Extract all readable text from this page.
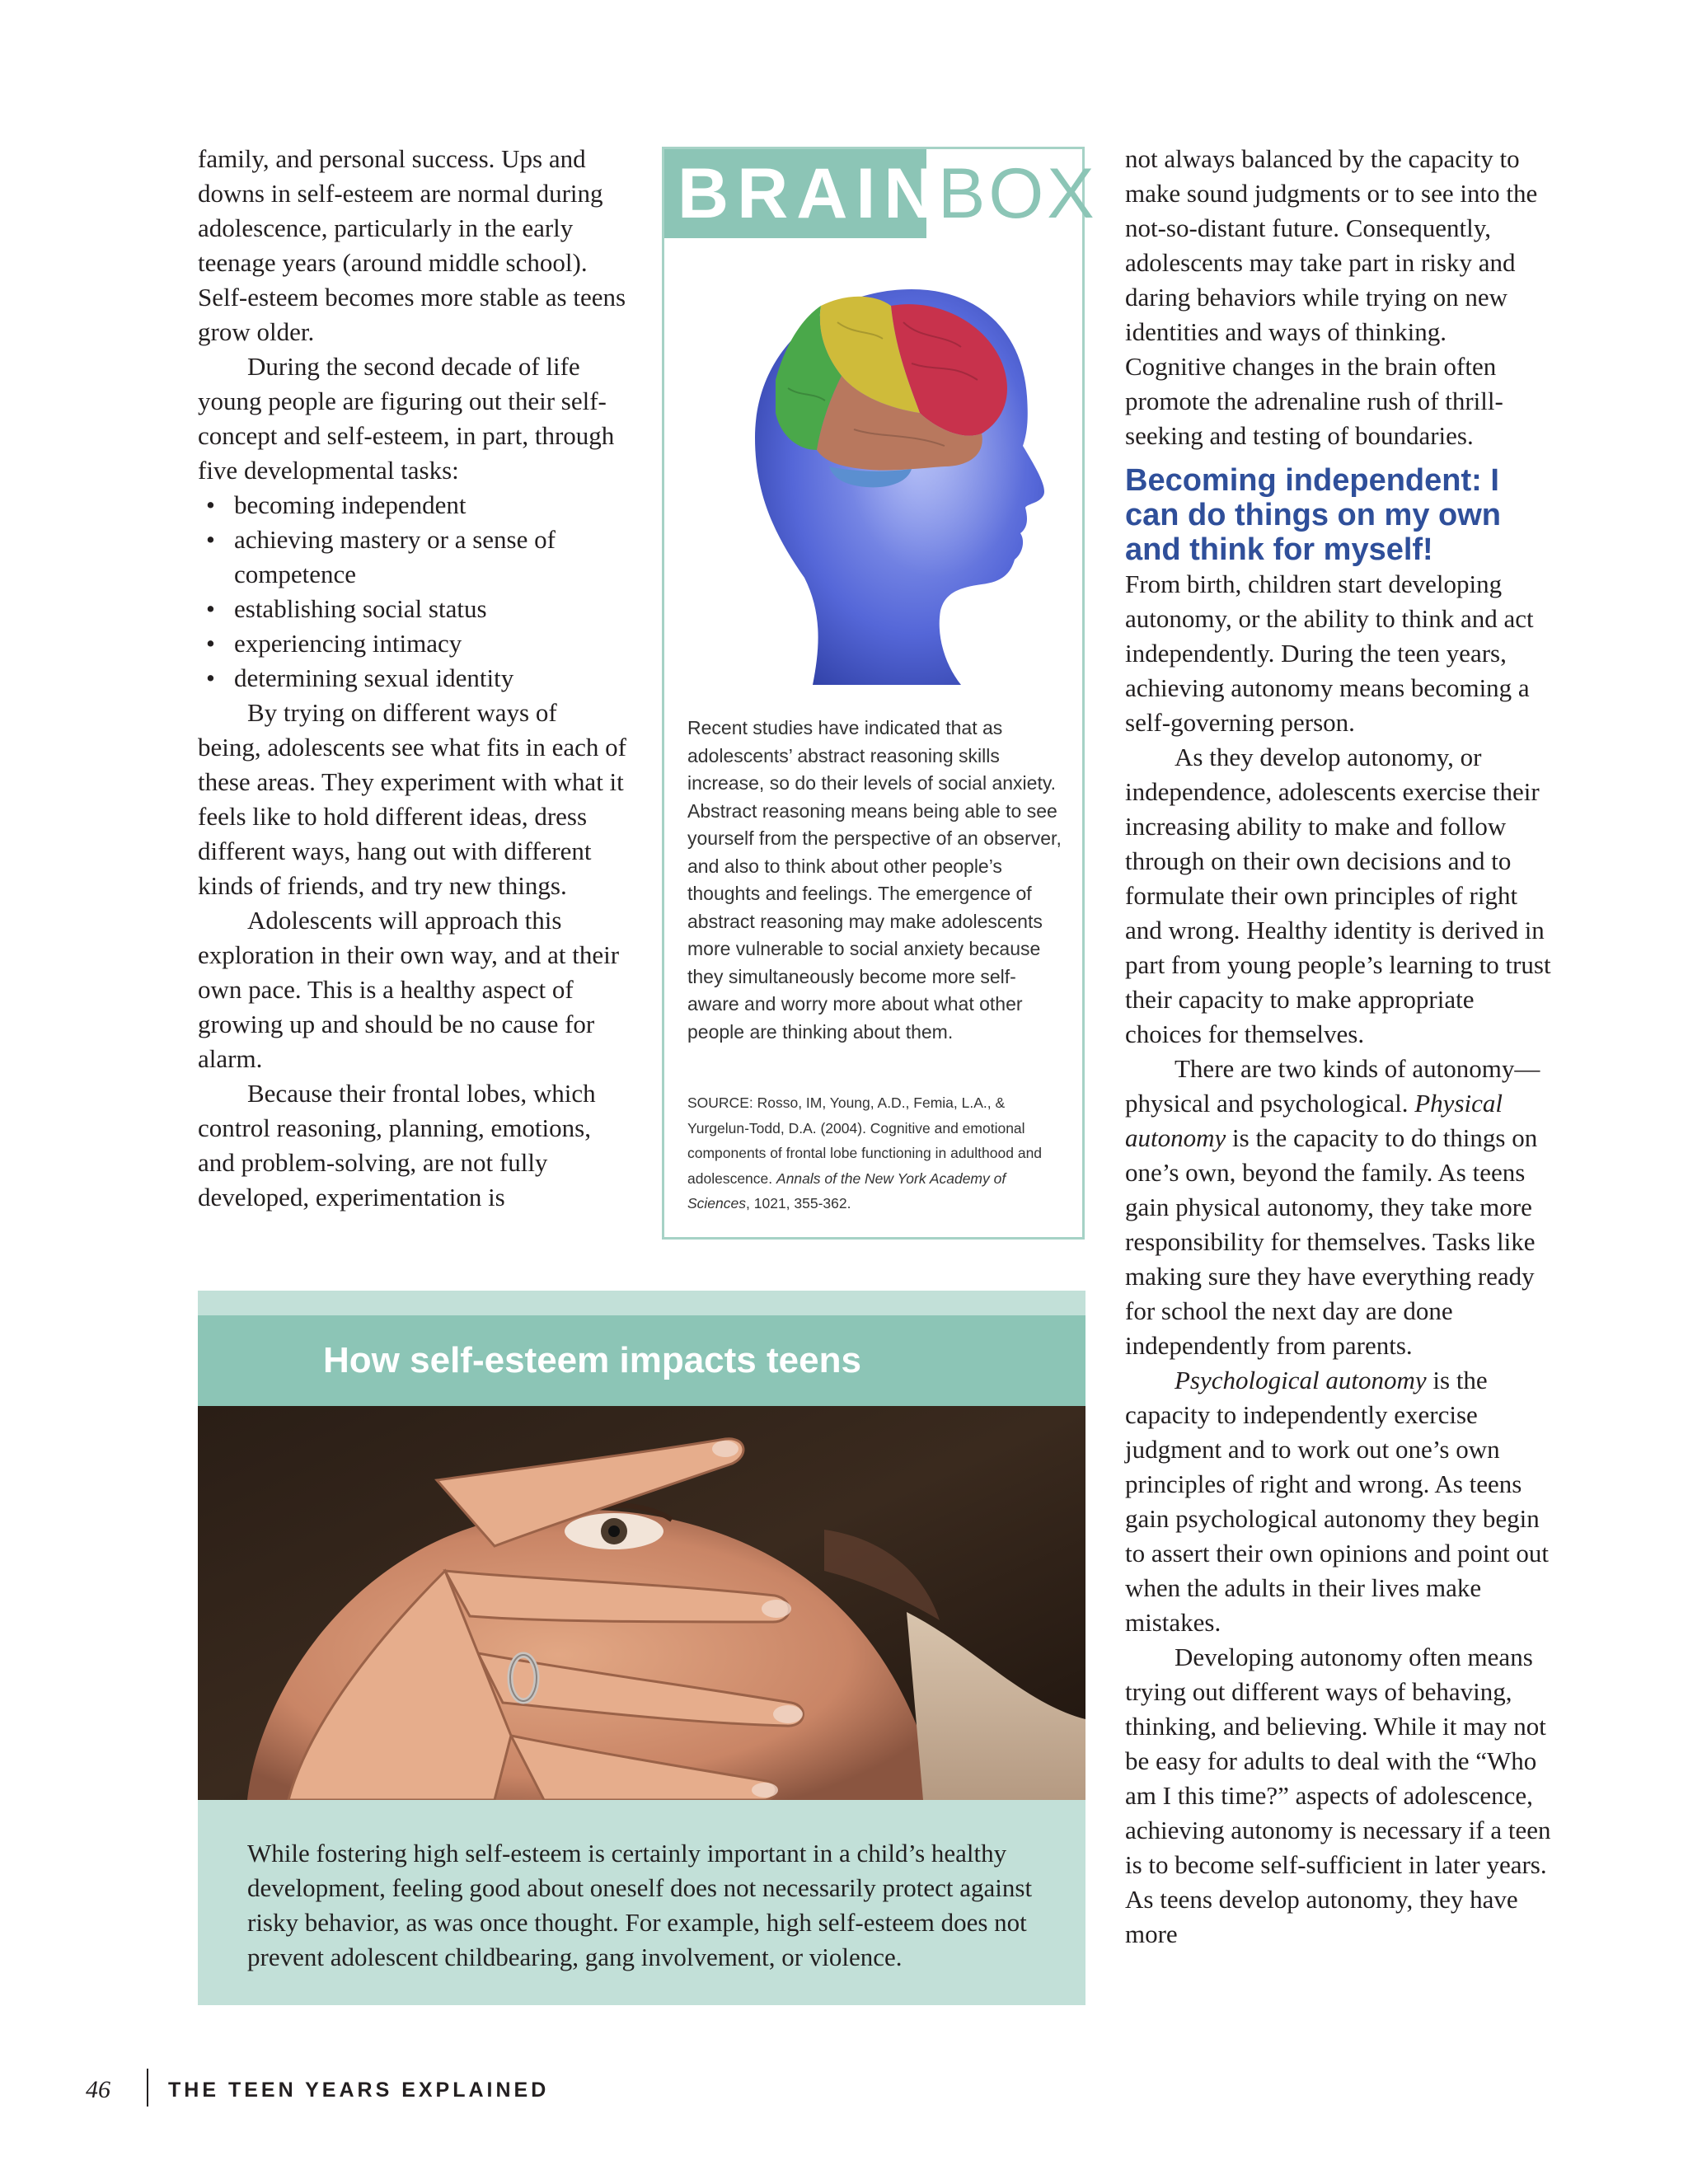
family, and personal success. Ups and downs in self-esteem are normal during adolescence, particularly in the early teenage years (around middle school). Self-esteem becomes more stable as teens grow older.

During the second decade of life young people are figuring out their self-concept and self-esteem, in part, through five developmental tasks:

• becoming independent
• achieving mastery or a sense of competence
• establishing social status
• experiencing intimacy
• determining sexual identity

By trying on different ways of being, adolescents see what fits in each of these areas. They experiment with what it feels like to hold different ideas, dress different ways, hang out with different kinds of friends, and try new things.

Adolescents will approach this exploration in their own way, and at their own pace. This is a healthy aspect of growing up and should be no cause for alarm.

Because their frontal lobes, which control reasoning, planning, emotions, and problem-solving, are not fully developed, experimentation is

BRAIN
BOX

Recent studies have indicated that as adolescents’ abstract reasoning skills increase, so do their levels of social anxiety. Abstract reasoning means being able to see yourself from the perspective of an observer, and also to think about other people’s thoughts and feelings. The emergence of abstract reasoning may make adolescents more vulnerable to social anxiety because they simultaneously become more self-aware and worry more about what other people are thinking about them.

SOURCE: Rosso, IM, Young, A.D., Femia, L.A., & Yurgelun-Todd, D.A. (2004). Cognitive and emotional components of frontal lobe functioning in adulthood and adolescence. Annals of the New York Academy of Sciences, 1021, 355-362.

How self-esteem impacts teens

While fostering high self-esteem is certainly important in a child’s healthy development, feeling good about oneself does not necessarily protect against risky behavior, as was once thought. For example, high self-esteem does not prevent adolescent childbearing, gang involvement, or violence.

not always balanced by the capacity to make sound judgments or to see into the not-so-distant future. Consequently, adolescents may take part in risky and daring behaviors while trying on new identities and ways of thinking. Cognitive changes in the brain often promote the adrenaline rush of thrill-seeking and testing of boundaries.

Becoming independent: I can do things on my own and think for myself!

From birth, children start developing autonomy, or the ability to think and act independently. During the teen years, achieving autonomy means becoming a self-governing person.

As they develop autonomy, or independence, adolescents exercise their increasing ability to make and follow through on their own decisions and to formulate their own principles of right and wrong. Healthy identity is derived in part from young people’s learning to trust their capacity to make appropriate choices for themselves.

There are two kinds of autonomy—physical and psychological. Physical autonomy is the capacity to do things on one’s own, beyond the family. As teens gain physical autonomy, they take more responsibility for themselves. Tasks like making sure they have everything ready for school the next day are done independently from parents.

Psychological autonomy is the capacity to independently exercise judgment and to work out one’s own principles of right and wrong. As teens gain psychological autonomy they begin to assert their own opinions and point out when the adults in their lives make mistakes.

Developing autonomy often means trying out different ways of behaving, thinking, and believing. While it may not be easy for adults to deal with the “Who am I this time?” aspects of adolescence, achieving autonomy is necessary if a teen is to become self-sufficient in later years. As teens develop autonomy, they have more

46	THE TEEN YEARS EXPLAINED
